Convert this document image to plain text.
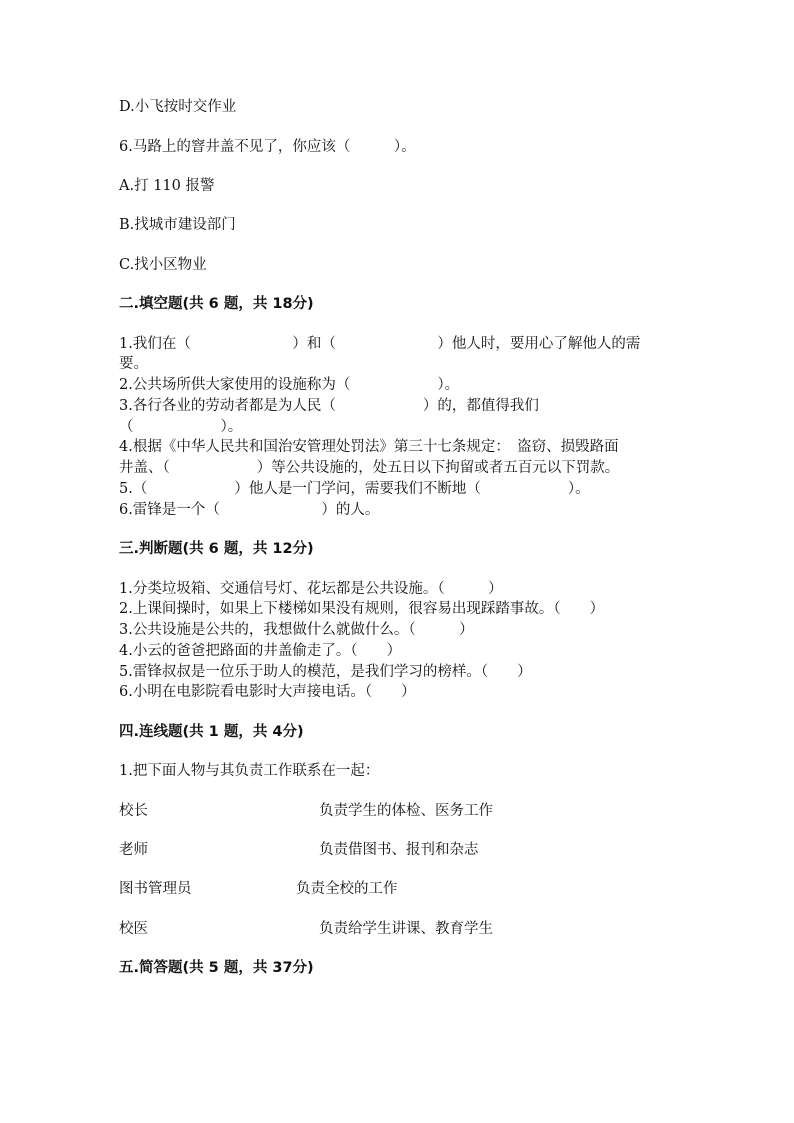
D.小飞按时交作业
6.马路上的窨井盖不见了，你应该（　　　）。
A.打 110 报警
B.找城市建设部门
C.找小区物业
二.填空题(共 6 题，共 18分)
1.我们在（　　　　　　　）和（　　　　　　　）他人时，要用心了解他人的需
要。
2.公共场所供大家使用的设施称为（　　　　　　）。
3.各行各业的劳动者都是为人民（　　　　　　）的，都值得我们
（　　　　　　）。
4.根据《中华人民共和国治安管理处罚法》第三十七条规定：　盗窃、损毁路面
井盖、（　　　　　　）等公共设施的，处五日以下拘留或者五百元以下罚款。
5.（　　　　　　）他人是一门学问，需要我们不断地（　　　　　　）。
6.雷锋是一个（　　　　　　　）的人。
三.判断题(共 6 题，共 12分)
1.分类垃圾箱、交通信号灯、花坛都是公共设施。（　　　）
2.上课间操时，如果上下楼梯如果没有规则，很容易出现踩踏事故。（　　）
3.公共设施是公共的，我想做什么就做什么。（　　　）
4.小云的爸爸把路面的井盖偷走了。（　　）
5.雷锋叔叔是一位乐于助人的模范，是我们学习的榜样。（　　）
6.小明在电影院看电影时大声接电话。（　　）
四.连线题(共 1 题，共 4分)
1.把下面人物与其负责工作联系在一起：
校长	负责学生的体检、医务工作
老师	负责借图书、报刊和杂志
图书管理员	负责全校的工作
校医	负责给学生讲课、教育学生
五.简答题(共 5 题，共 37分)
